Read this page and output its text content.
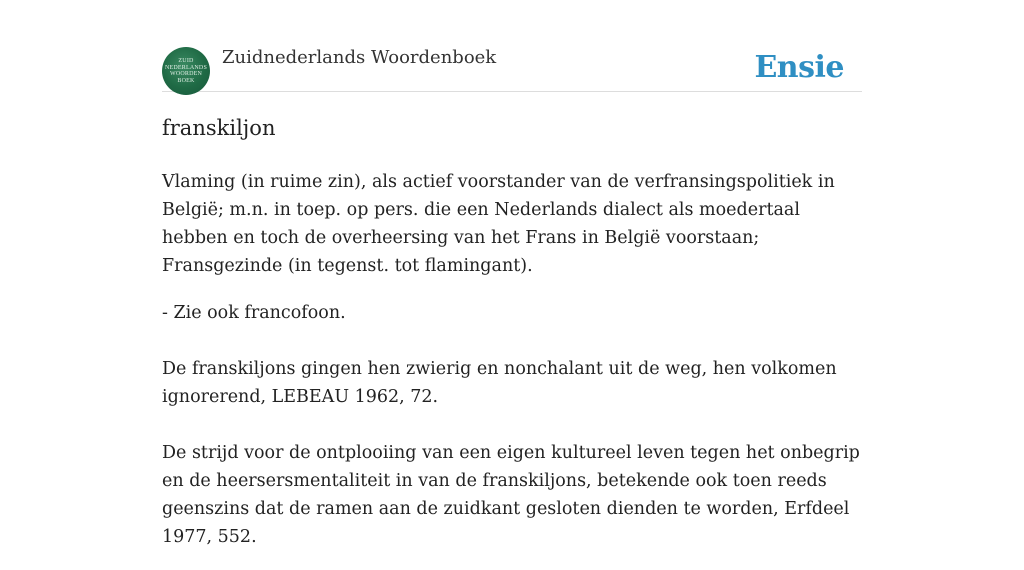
ZUID
NEDERLANDS
WOORDEN
BOEK
Zuidnederlands Woordenboek	Ensie
franskiljon

Vlaming (in ruime zin), als actief voorstander van de verfransingspolitiek in België; m.n. in toep. op pers. die een Nederlands dialect als moedertaal hebben en toch de overheersing van het Frans in België voorstaan; Fransgezinde (in tegenst. tot flamingant).

- Zie ook francofoon.

De franskiljons gingen hen zwierig en nonchalant uit de weg, hen volkomen ignorerend, LEBEAU 1962, 72.

De strijd voor de ontplooiing van een eigen kultureel leven tegen het onbegrip en de heersersmentaliteit in van de franskiljons, betekende ook toen reeds geenszins dat de ramen aan de zuidkant gesloten dienden te worden, Erfdeel 1977, 552.
